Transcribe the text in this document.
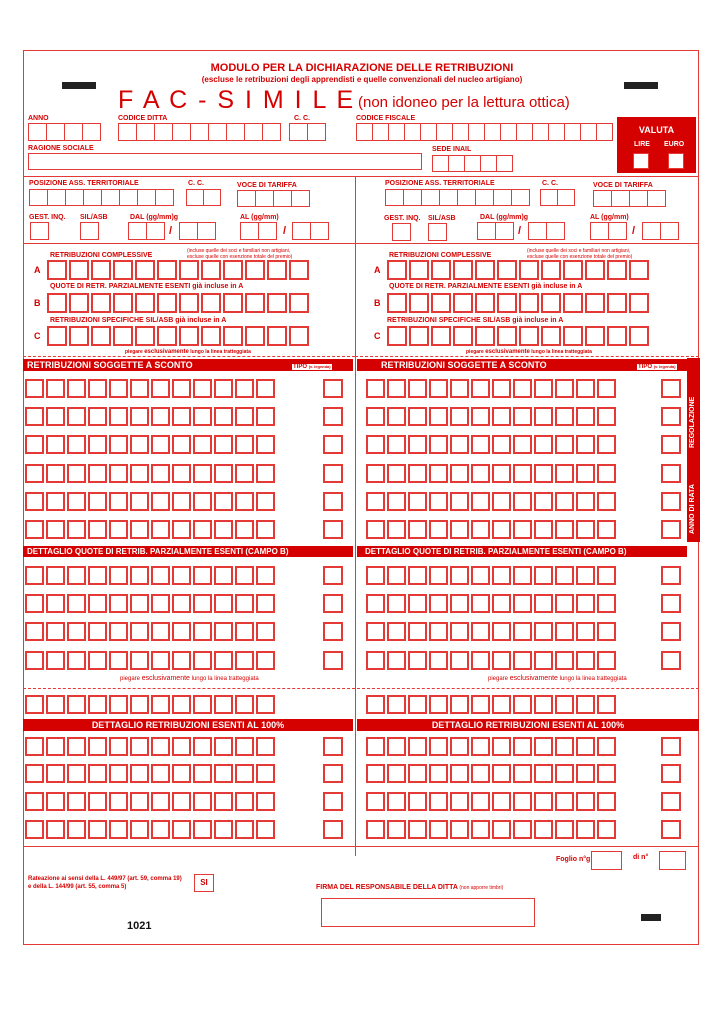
MODULO PER LA DICHIARAZIONE DELLE RETRIBUZIONI
(escluse le retribuzioni degli apprendisti e quelle convenzionali del nucleo artigiano)
F A C - S I M I L E (non idoneo per la lettura ottica)
ANNO	CODICE DITTA	C. C.	CODICE FISCALE
RAGIONE SOCIALE	SEDE INAIL
VALUTA
LIRE EURO
POSIZIONE ASS. TERRITORIALE	C. C.	VOCE DI TARIFFA
GEST. INQ. SIL/ASB	DAL (gg/mm)g
/
AL (gg/mm)
/
POSIZIONE ASS. TERRITORIALE	C. C.	VOCE DI TARIFFA
GEST. INQ. SIL/ASB	DAL (gg/mm)g
/
AL (gg/mm)
/
RETRIBUZIONI COMPLESSIVE
(incluse quelle dei soci e familiari non artigiani,
escluse quelle con esenzione totale del premio)
A
QUOTE DI RETR. PARZIALMENTE ESENTI già incluse in A
B
RETRIBUZIONI SPECIFICHE SIL/ASB già incluse in A
C
piegare esclusivamente lungo la linea tratteggiata
RETRIBUZIONI COMPLESSIVE
(incluse quelle dei soci e familiari non artigiani,
escluse quelle con esenzione totale del premio)
A
QUOTE DI RETR. PARZIALMENTE ESENTI già incluse in A
B
RETRIBUZIONI SPECIFICHE SIL/ASB già incluse in A
C
piegare esclusivamente lungo la linea tratteggiata
RETRIBUZIONI SOGGETTE A SCONTO	RETRIBUZIONI SOGGETTE A SCONTO
TIPO (v. legenda)	TIPO (v. legenda)
REGOLAZIONE
ANNO DI RATA
DETTAGLIO QUOTE DI RETRIB. PARZIALMENTE ESENTI (CAMPO B)	DETTAGLIO QUOTE DI RETRIB. PARZIALMENTE ESENTI (CAMPO B)
piegare esclusivamente lungo la linea tratteggiata	piegare esclusivamente lungo la linea tratteggiata
DETTAGLIO RETRIBUZIONI ESENTI AL 100%	DETTAGLIO RETRIBUZIONI ESENTI AL 100%
Foglio n°g	di n°
Rateazione ai sensi della L. 449/97 (art. 59, comma 19)
e della L. 144/99 (art. 55, comma 5)	SI
FIRMA DEL RESPONSABILE DELLA DITTA (non apporre timbri)
1021
